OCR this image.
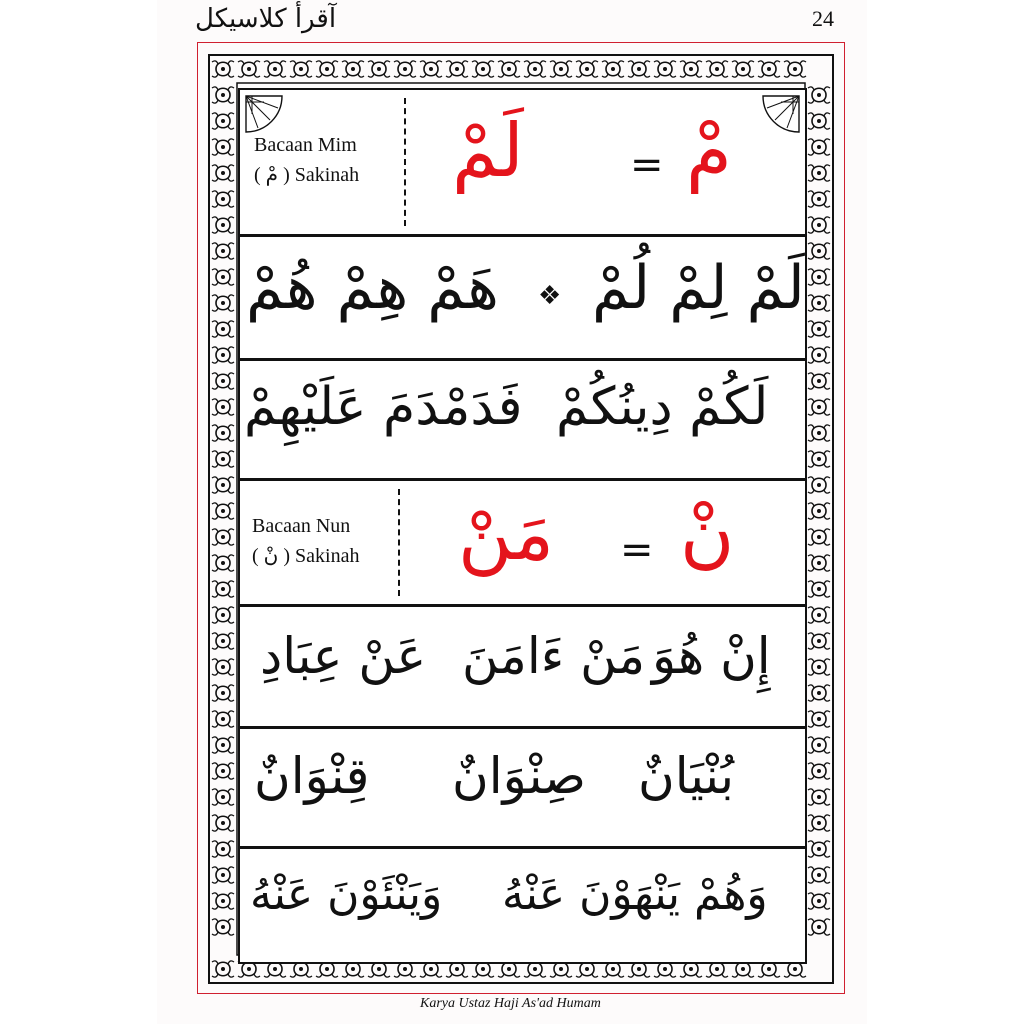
24
آقرأ كلاسيكل
Bacaan Mim
( مْ ) Sakinah لَمْ	= مْ
هَمْ هِمْ هُمْ ❖ لَمْ لِمْ لُمْ
فَدَمْدَمَ عَلَيْهِمْ لَكُمْ دِينُكُمْ
Bacaan Nun
( نْ ) Sakinah مَنْ = نْ
عَنْ عِبَادِ مَنْ ءَامَنَ إِنْ هُوَ
قِنْوَانٌ صِنْوَانٌ بُنْيَانٌ
وَيَنْئَوْنَ عَنْهُ وَهُمْ يَنْهَوْنَ عَنْهُ
Karya Ustaz Haji As'ad Humam
